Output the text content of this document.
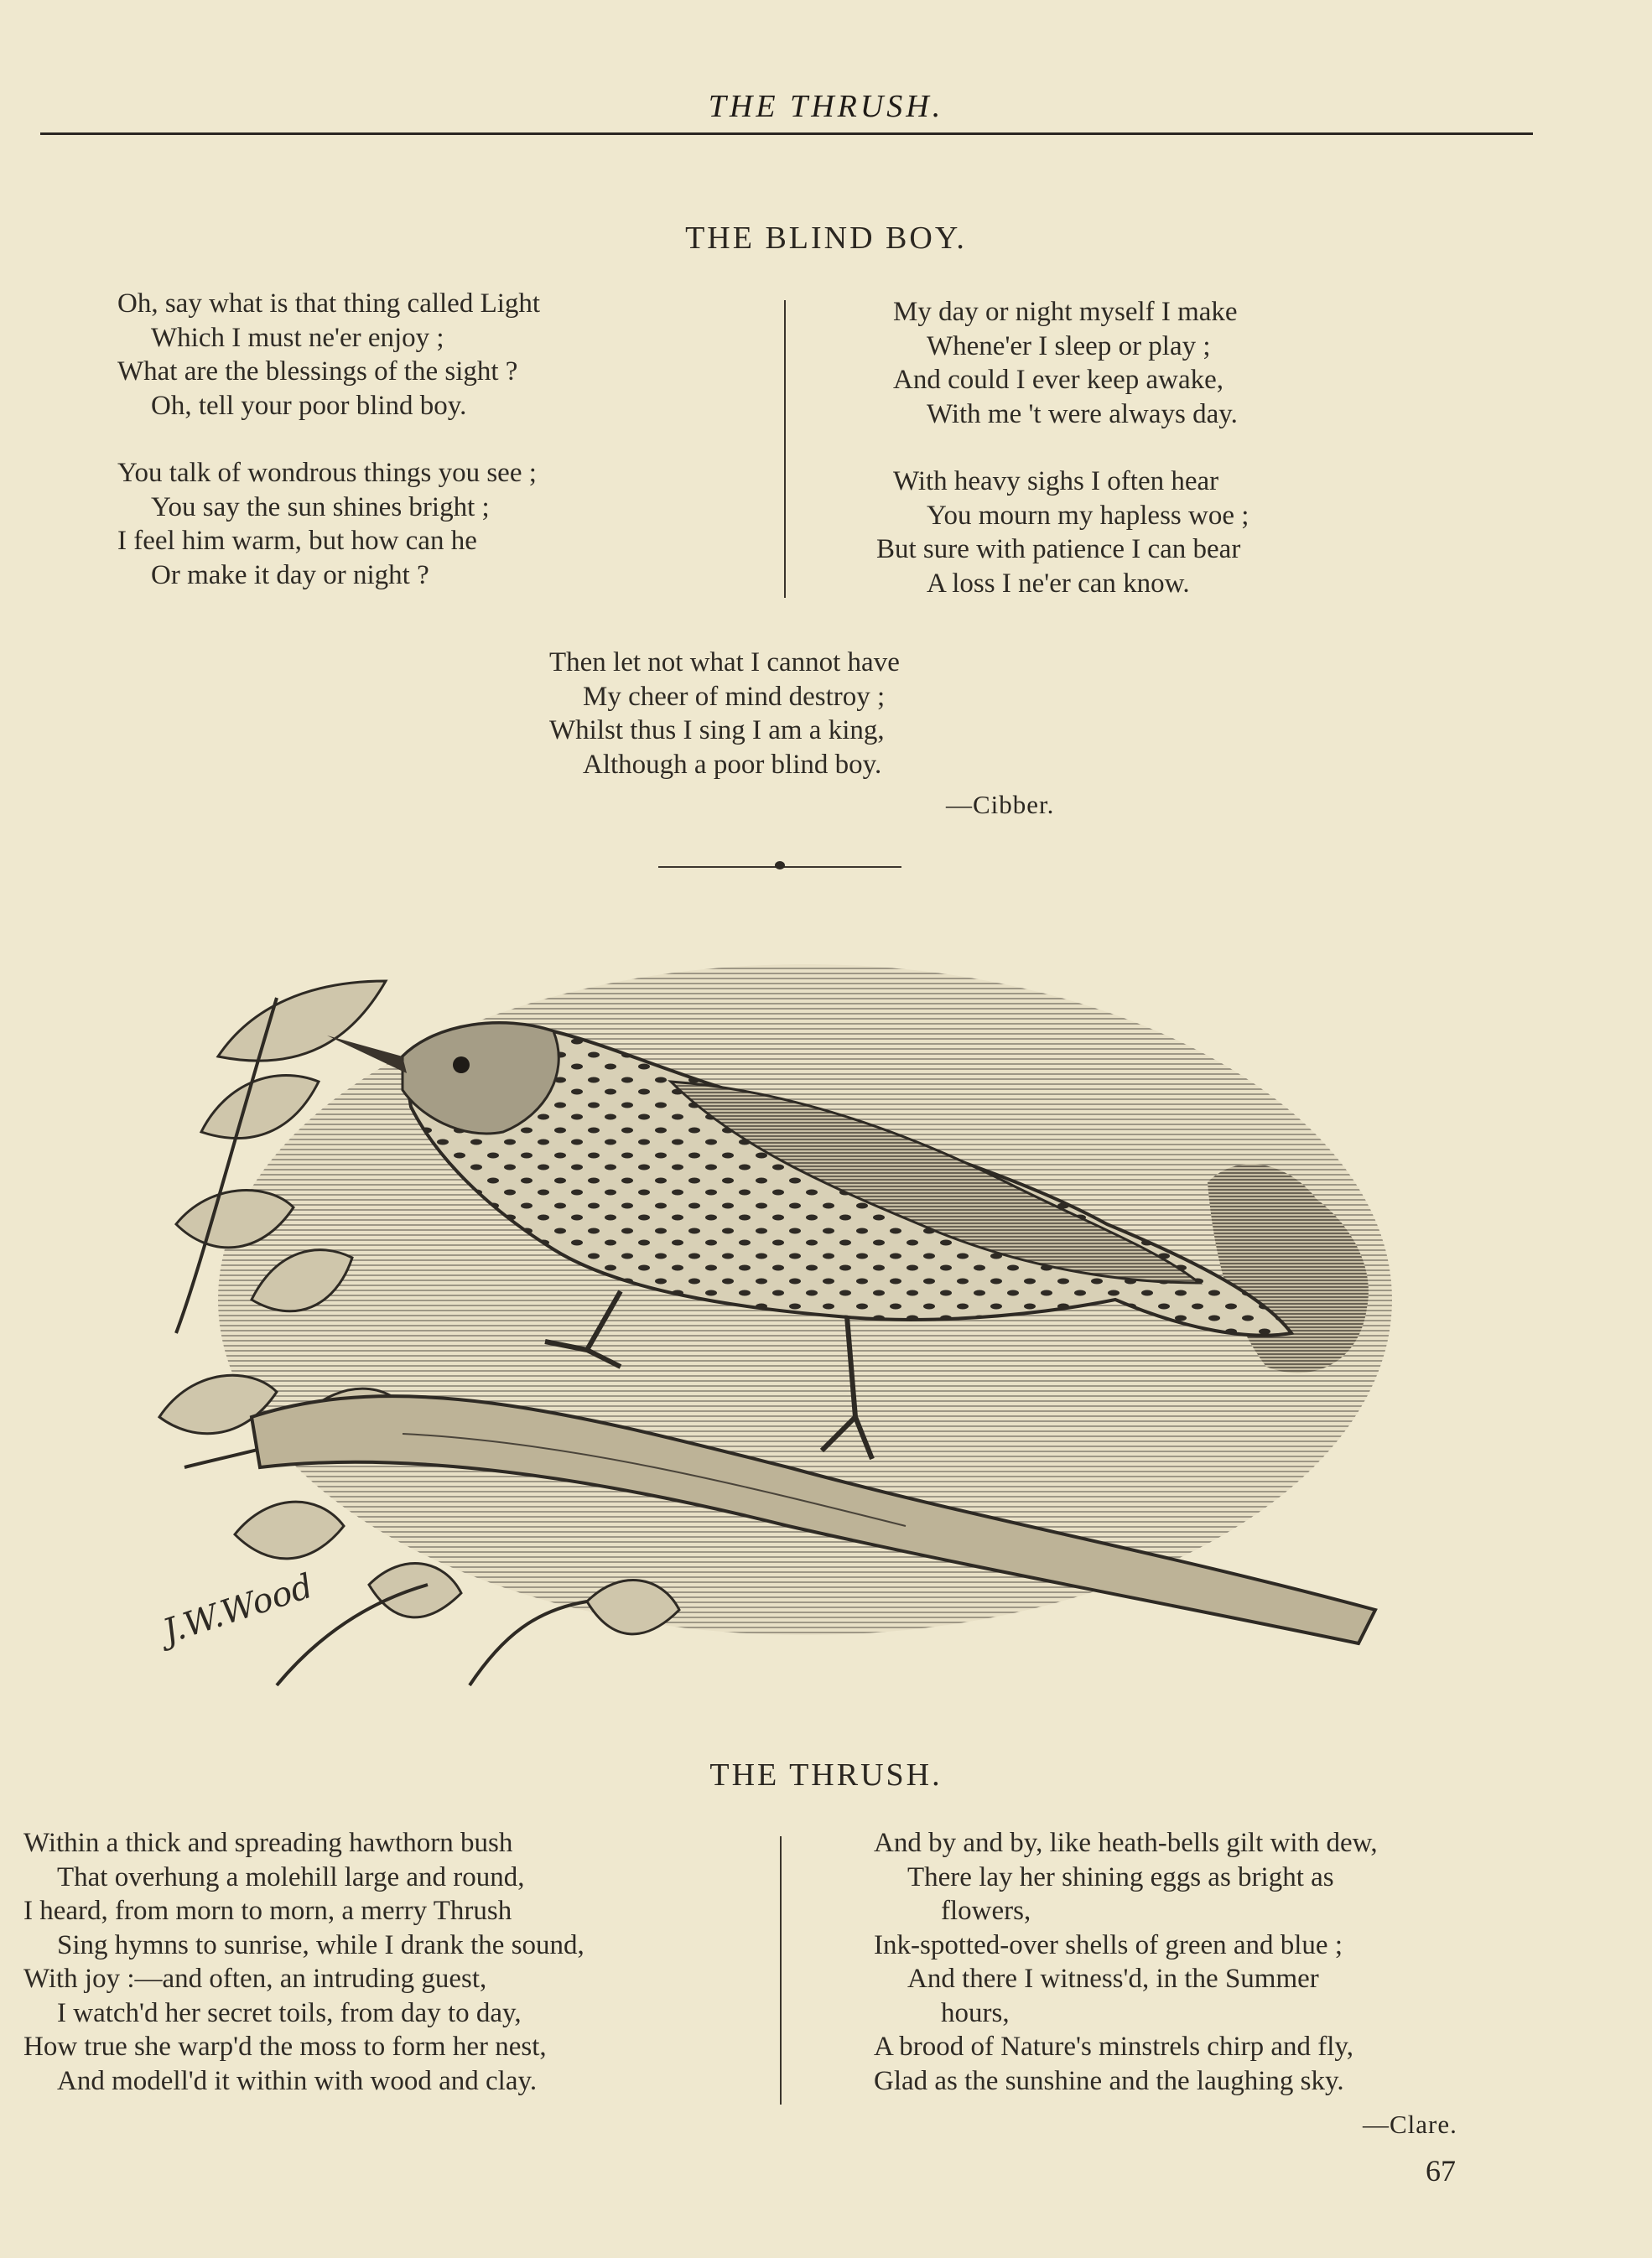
THE THRUSH.
THE BLIND BOY.
Oh, say what is that thing called Light
Which I must ne'er enjoy ;
What are the blessings of the sight ?
Oh, tell your poor blind boy.
You talk of wondrous things you see ;
You say the sun shines bright ;
I feel him warm, but how can he
Or make it day or night ?
My day or night myself I make
Whene'er I sleep or play ;
And could I ever keep awake,
With me 't were always day.
With heavy sighs I often hear
You mourn my hapless woe ;
But sure with patience I can bear
A loss I ne'er can know.
Then let not what I cannot have
My cheer of mind destroy ;
Whilst thus I sing I am a king,
Although a poor blind boy.
—Cibber.
J.W.Wood
THE THRUSH.
Within a thick and spreading hawthorn bush
That overhung a molehill large and round,
I heard, from morn to morn, a merry Thrush
Sing hymns to sunrise, while I drank the sound,
With joy :—and often, an intruding guest,
I watch'd her secret toils, from day to day,
How true she warp'd the moss to form her nest,
And modell'd it within with wood and clay.
And by and by, like heath-bells gilt with dew,
There lay her shining eggs as bright as
flowers,
Ink-spotted-over shells of green and blue ;
And there I witness'd, in the Summer
hours,
A brood of Nature's minstrels chirp and fly,
Glad as the sunshine and the laughing sky.
—Clare.
67
